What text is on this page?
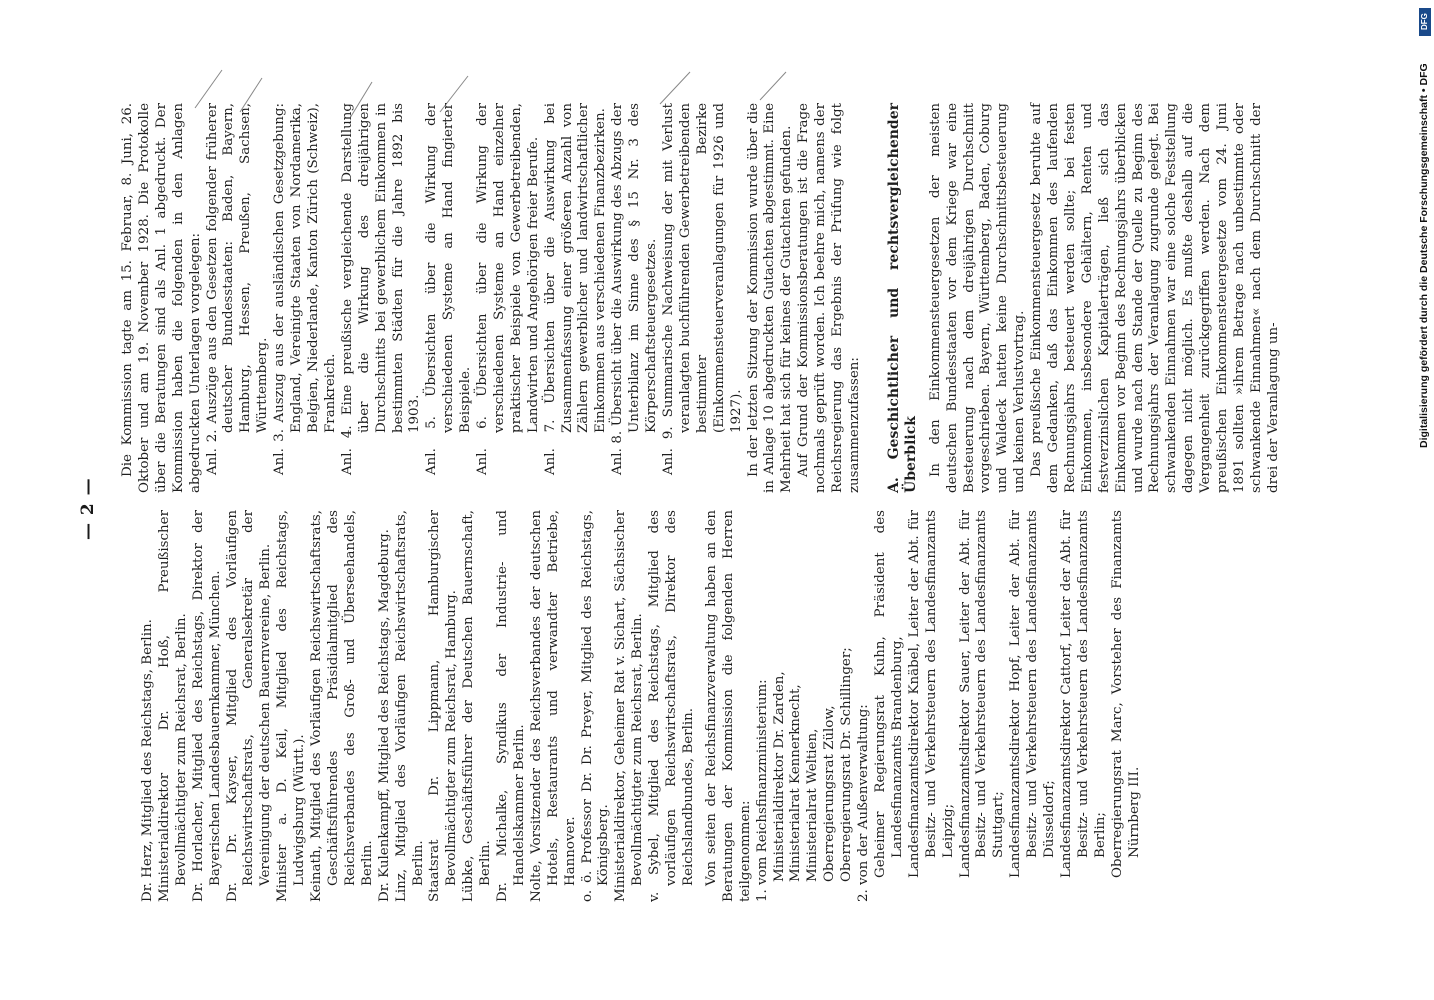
— 2 —

Dr. Herz, Mitglied des Reichstags, Berlin. Ministerialdirektor Dr. Hoß, Preußischer Bevollmächtigter zum Reichsrat, Berlin. Dr. Horlacher, Mitglied des Reichstags, Direktor der Bayerischen Landesbauernkammer, München. Dr. Dr. Kayser, Mitglied des Vorläufigen Reichswirtschaftsrats, Generalsekretär der Vereinigung der deutschen Bauernvereine, Berlin. Minister a. D. Keil, Mitglied des Reichstags, Ludwigsburg (Württ.). Keinath, Mitglied des Vorläufigen Reichswirtschaftsrats, Geschäftsführendes Präsidialmitglied des Reichsverbandes des Groß- und Überseehandels, Berlin. Dr. Kulenkampff, Mitglied des Reichstags, Magdeburg. Linz, Mitglied des Vorläufigen Reichswirtschaftsrats, Berlin. Staatsrat Dr. Lippmann, Hamburgischer Bevollmächtigter zum Reichsrat, Hamburg. Lübke, Geschäftsführer der Deutschen Bauernschaft, Berlin. Dr. Michalke, Syndikus der Industrie- und Handelskammer Berlin. Nolte, Vorsitzender des Reichsverbandes der deutschen Hotels, Restaurants und verwandter Betriebe, Hannover. o. ö. Professor Dr. Dr. Preyer, Mitglied des Reichstags, Königsberg. Ministerialdirektor, Geheimer Rat v. Sichart, Sächsischer Bevollmächtigter zum Reichsrat, Berlin. v. Sybel, Mitglied des Reichstags, Mitglied des vorläufigen Reichswirtschaftsrats, Direktor des Reichslandbundes, Berlin. Von seiten der Reichsfinanzverwaltung haben an den Beratungen der Kommission die folgenden Herren teilgenommen: 1. vom Reichsfinanzministerium: Ministerialdirektor Dr. Zarden, Ministerialrat Kennerknecht, Ministerialrat Weltien, Oberregierungsrat Zülow, Oberregierungsrat Dr. Schillinger; 2. von der Außenverwaltung: Geheimer Regierungsrat Kuhn, Präsident des Landesfinanzamts Brandenburg, Landesfinanzamtsdirektor Knäbel, Leiter der Abt. für Besitz- und Verkehrsteuern des Landesfinanzamts Leipzig; Landesfinanzamtsdirektor Sauer, Leiter der Abt. für Besitz- und Verkehrsteuern des Landesfinanzamts Stuttgart; Landesfinanzamtsdirektor Hopf, Leiter der Abt. für Besitz- und Verkehrsteuern des Landesfinanzamts Düsseldorf; Landesfinanzamtsdirektor Cattorf, Leiter der Abt. für Besitz- und Verkehrsteuern des Landesfinanzamts Berlin; Oberregierungsrat Marc, Vorsteher des Finanzamts Nürnberg III.

Die Kommission tagte am 15. Februar, 8. Juni, 26. Oktober und am 19. November 1928. Die Protokolle über die Beratungen sind als Anl. 1 abgedruckt. Der Kommission haben die folgenden in den Anlagen abgedruckten Unterlagen vorgelegen: Anl. 2. Auszüge aus den Gesetzen folgender früherer deutscher Bundesstaaten: Baden, Bayern, Hamburg, Hessen, Preußen, Sachsen, Württemberg. Anl. 3. Auszug aus der ausländischen Gesetzgebung: England, Vereinigte Staaten von Nordamerika, Belgien, Niederlande, Kanton Zürich (Schweiz), Frankreich. Anl. 4. Eine preußische vergleichende Darstellung über die Wirkung des dreijährigen Durchschnitts bei gewerblichem Einkommen in bestimmten Städten für die Jahre 1892 bis 1903. Anl. 5. Übersichten über die Wirkung der verschiedenen Systeme an Hand fingierter Beispiele. Anl. 6. Übersichten über die Wirkung der verschiedenen Systeme an Hand einzelner praktischer Beispiele von Gewerbetreibenden, Landwirten und Angehörigen freier Berufe. Anl. 7. Übersichten über die Auswirkung bei Zusammenfassung einer größeren Anzahl von Zählern gewerblicher und landwirtschaftlicher Einkommen aus verschiedenen Finanzbezirken. Anl. 8. Übersicht über die Auswirkung des Abzugs der Unterbilanz im Sinne des § 15 Nr. 3 des Körperschaftsteuergesetzes. Anl. 9. Summarische Nachweisung der mit Verlust veranlagten buchführenden Gewerbetreibenden bestimmter Bezirke (Einkommensteuerveranlagungen für 1926 und 1927). In der letzten Sitzung der Kommission wurde über die in Anlage 10 abgedruckten Gutachten abgestimmt. Eine Mehrheit hat sich für keines der Gutachten gefunden. Auf Grund der Kommissionsberatungen ist die Frage nochmals geprüft worden. Ich beehre mich, namens der Reichsregierung das Ergebnis der Prüfung wie folgt zusammenzufassen: A. Geschichtlicher und rechtsvergleichender Überblick In den Einkommensteuergesetzen der meisten deutschen Bundesstaaten vor dem Kriege war eine Besteuerung nach dem dreijährigen Durchschnitt vorgeschrieben. Bayern, Württemberg, Baden, Coburg und Waldeck hatten keine Durchschnittsbesteuerung und keinen Verlustvortrag. Das preußische Einkommensteuergesetz beruhte auf dem Gedanken, daß das Einkommen des laufenden Rechnungsjahrs besteuert werden sollte; bei festen Einkommen, insbesondere Gehältern, Renten und festverzinslichen Kapitalerträgen, ließ sich das Einkommen vor Beginn des Rechnungsjahrs überblicken und wurde nach dem Stande der Quelle zu Beginn des Rechnungsjahrs der Veranlagung zugrunde gelegt. Bei schwankenden Einnahmen war eine solche Feststellung dagegen nicht möglich. Es mußte deshalb auf die Vergangenheit zurückgegriffen werden. Nach dem preußischen Einkommensteuergesetze vom 24. Juni 1891 sollten »ihrem Betrage nach unbestimmte oder schwankende Einnahmen« nach dem Durchschnitt der drei der Veranlagung un-	Digitalisierung gefördert durch die Deutsche Forschungsgemeinschaft • DFG
DFG
